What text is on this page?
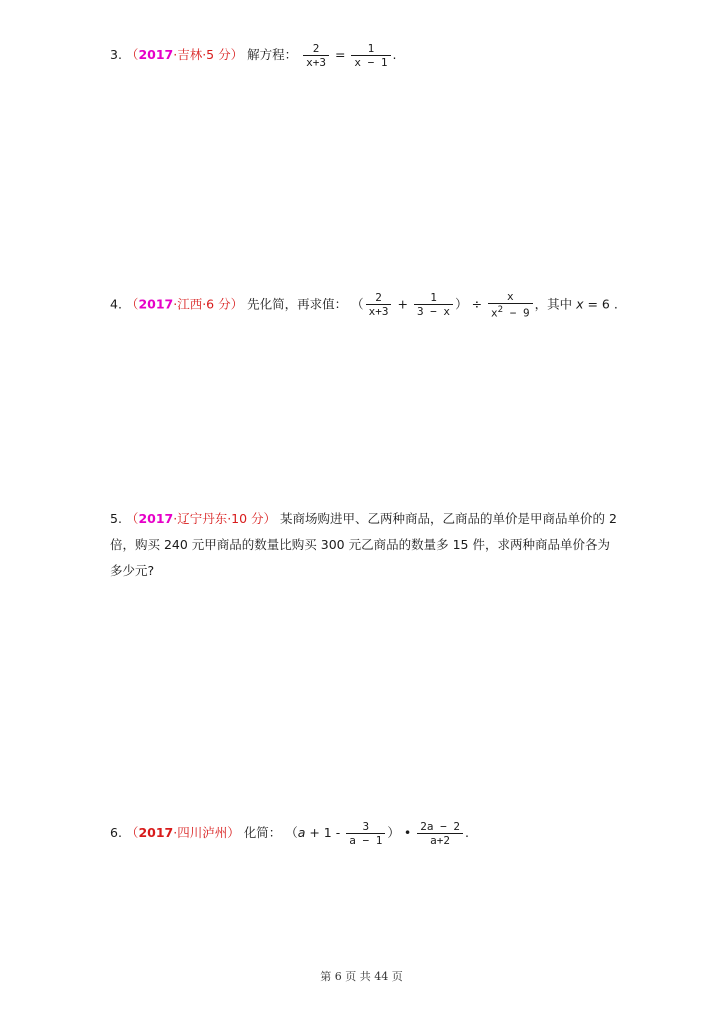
3. （2017·吉林·5 分） 解方程： $\frac{2}{x+3} = \frac{1}{x - 1}$ .
4. （2017·江西·6 分） 先化简，再求值： （ $\frac{2}{x+3} + \frac{1}{3 - x}$ ） ÷ $\frac{x}{x^2 - 9}$ ，其中 x = 6 .
5. （2017·辽宁丹东·10 分） 某商场购进甲、乙两种商品，乙商品的单价是甲商品单价的 2
倍，购买 240 元甲商品的数量比购买 300 元乙商品的数量多 15 件，求两种商品单价各为
多少元?
6. （2017·四川泸州） 化简： （$a + 1 - \frac{3}{a - 1}$ ） • $\frac{2a - 2}{a+2}$ .
第 6 页 共 44 页
